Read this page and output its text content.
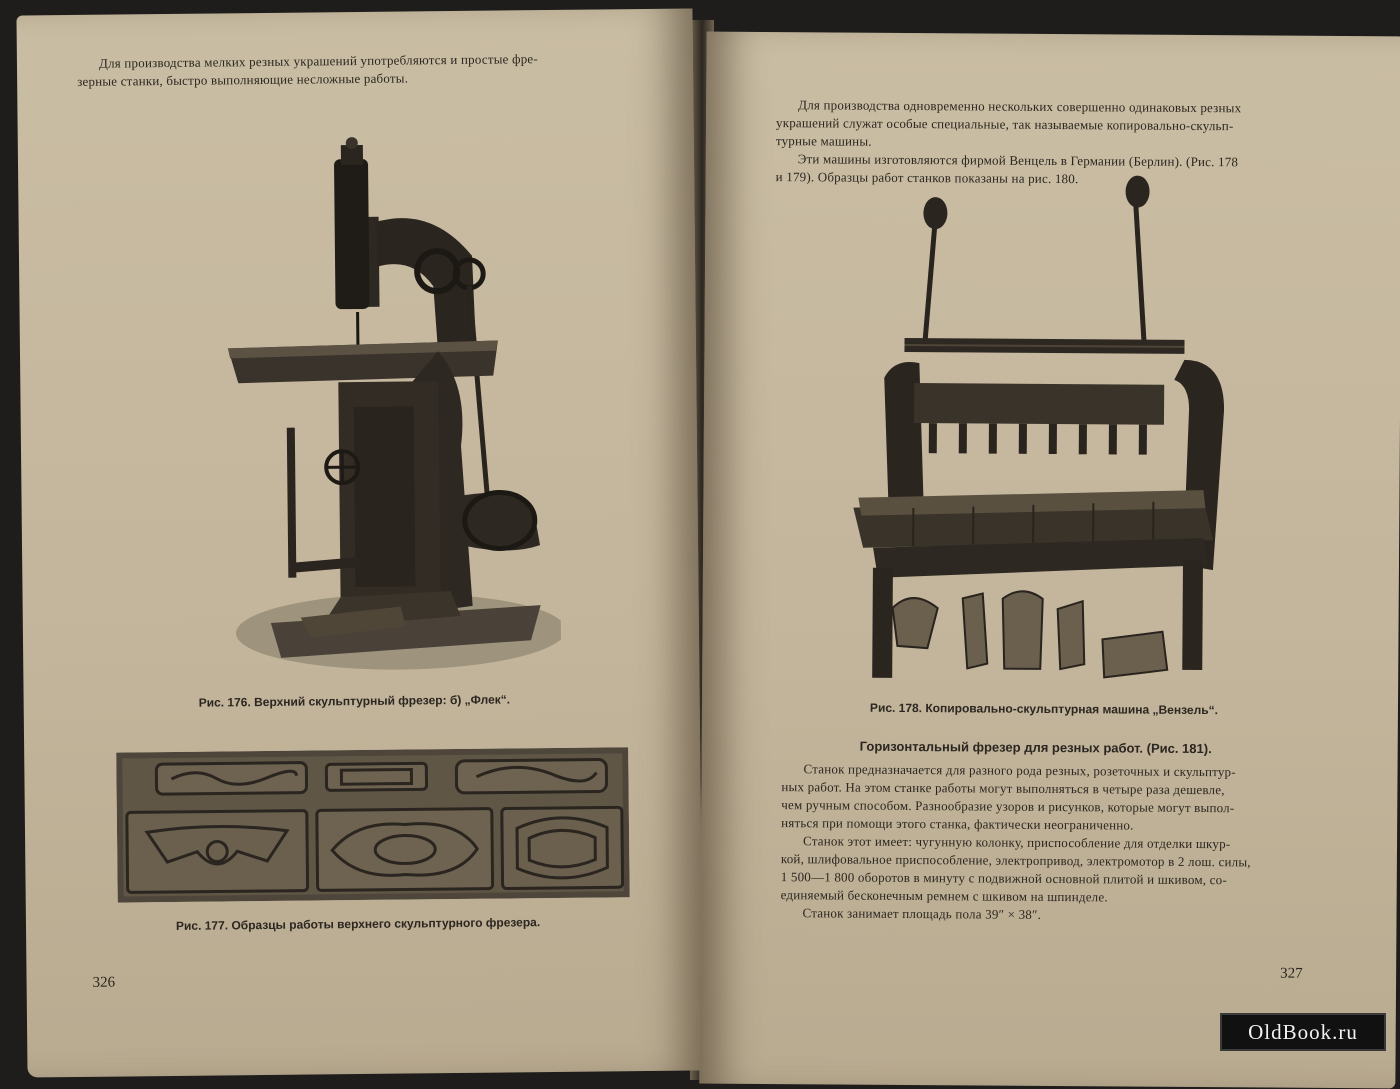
Для производства мелких резных украшений употребляются и простые фре-

зерные станки, быстро выполняющие несложные работы.

Рис. 176. Верхний скульптурный фрезер: б) „Флек“.
Рис. 177. Образцы работы верхнего скульптурного фрезера.
326

Для производства одновременно нескольких совершенно одинаковых резных

украшений служат особые специальные, так называемые копировально-скульп-

турные машины.

Эти машины изготовляются фирмой Венцель в Германии (Берлин). (Рис. 178

и 179). Образцы работ станков показаны на рис. 180.

Рис. 178. Копировально-скульптурная машина „Вензель“.
Горизонтальный фрезер для резных работ. (Рис. 181).

Станок предназначается для разного рода резных, розеточных и скульптур-

ных работ. На этом станке работы могут выполняться в четыре раза дешевле,

чем ручным способом. Разнообразие узоров и рисунков, которые могут выпол-

няться при помощи этого станка, фактически неограниченно.

Станок этот имеет: чугунную колонку, приспособление для отделки шкур-

кой, шлифовальное приспособление, электропривод, электромотор в 2 лош. силы,

1 500—1 800 оборотов в минуту с подвижной основной плитой и шкивом, со-

единяемый бесконечным ремнем с шкивом на шпинделе.

Станок занимает площадь пола 39″ × 38″.

327
OldBook.ru
